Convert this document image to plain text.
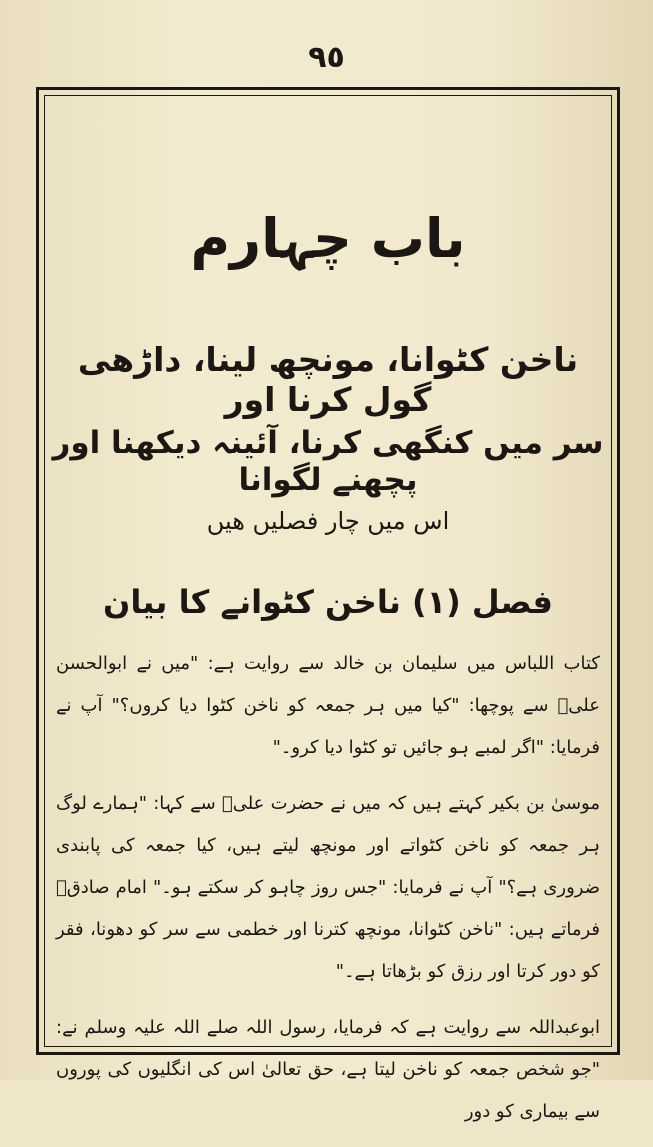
٩٥
باب چہارم
ناخن کٹوانا، مونچھ لینا، داڑھی گول کرنا اور
سر میں کنگھی کرنا، آئینہ دیکھنا اور پچھنے لگوانا
اس میں چار فصلیں ھیں
فصل (۱) ناخن کٹوانے کا بیان

کتاب اللباس میں سلیمان بن خالد سے روایت ہے: "میں نے ابوالحسن علیؑ سے پوچھا: "کیا میں ہر جمعہ کو ناخن کٹوا دیا کروں؟" آپ نے فرمایا: "اگر لمبے ہو جائیں تو کٹوا دیا کرو۔"

موسیٰ بن بکیر کہتے ہیں کہ میں نے حضرت علیؑ سے کہا: "ہمارے لوگ ہر جمعہ کو ناخن کٹواتے اور مونچھ لیتے ہیں، کیا جمعہ کی پابندی ضروری ہے؟" آپ نے فرمایا: "جس روز چاہو کر سکتے ہو۔" امام صادقؑ فرماتے ہیں: "ناخن کٹوانا، مونچھ کترنا اور خطمی سے سر کو دھونا، فقر کو دور کرتا اور رزق کو بڑھاتا ہے۔"

ابوعبداللہ سے روایت ہے کہ فرمایا، رسول اللہ صلے اللہ علیہ وسلم نے: "جو شخص جمعہ کو ناخن لیتا ہے، حق تعالیٰ اس کی انگلیوں کی پوروں سے بیماری کو دور
